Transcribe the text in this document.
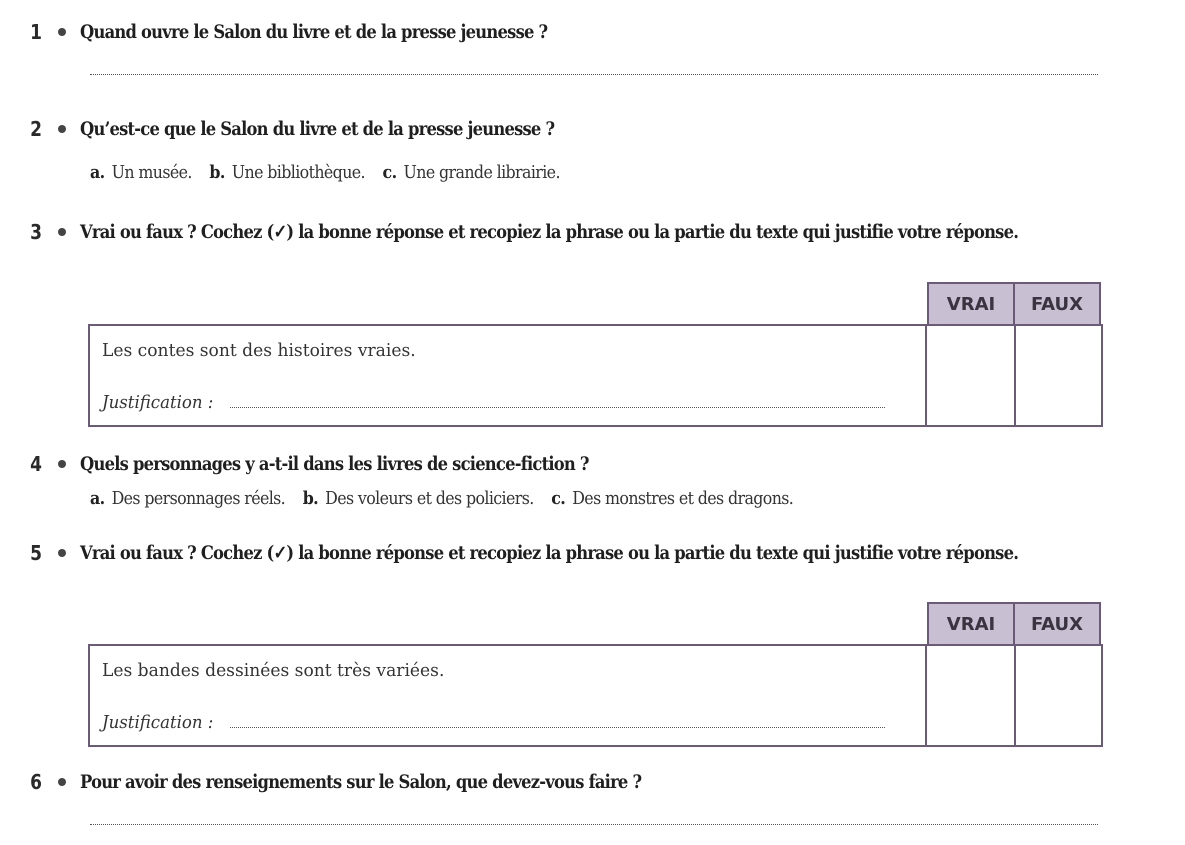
1 Quand ouvre le Salon du livre et de la presse jeunesse ?
2 Qu’est-ce que le Salon du livre et de la presse jeunesse ?
a. Un musée. b. Une bibliothèque. c. Une grande librairie.
3 Vrai ou faux ? Cochez (✓) la bonne réponse et recopiez la phrase ou la partie du texte qui justifie votre réponse.
VRAI	FAUX
Les contes sont des histoires vraies.
Justification :
4 Quels personnages y a-t-il dans les livres de science-fiction ?
a. Des personnages réels. b. Des voleurs et des policiers. c. Des monstres et des dragons.
5 Vrai ou faux ? Cochez (✓) la bonne réponse et recopiez la phrase ou la partie du texte qui justifie votre réponse.
VRAI	FAUX
Les bandes dessinées sont très variées.
Justification :
6 Pour avoir des renseignements sur le Salon, que devez-vous faire ?
